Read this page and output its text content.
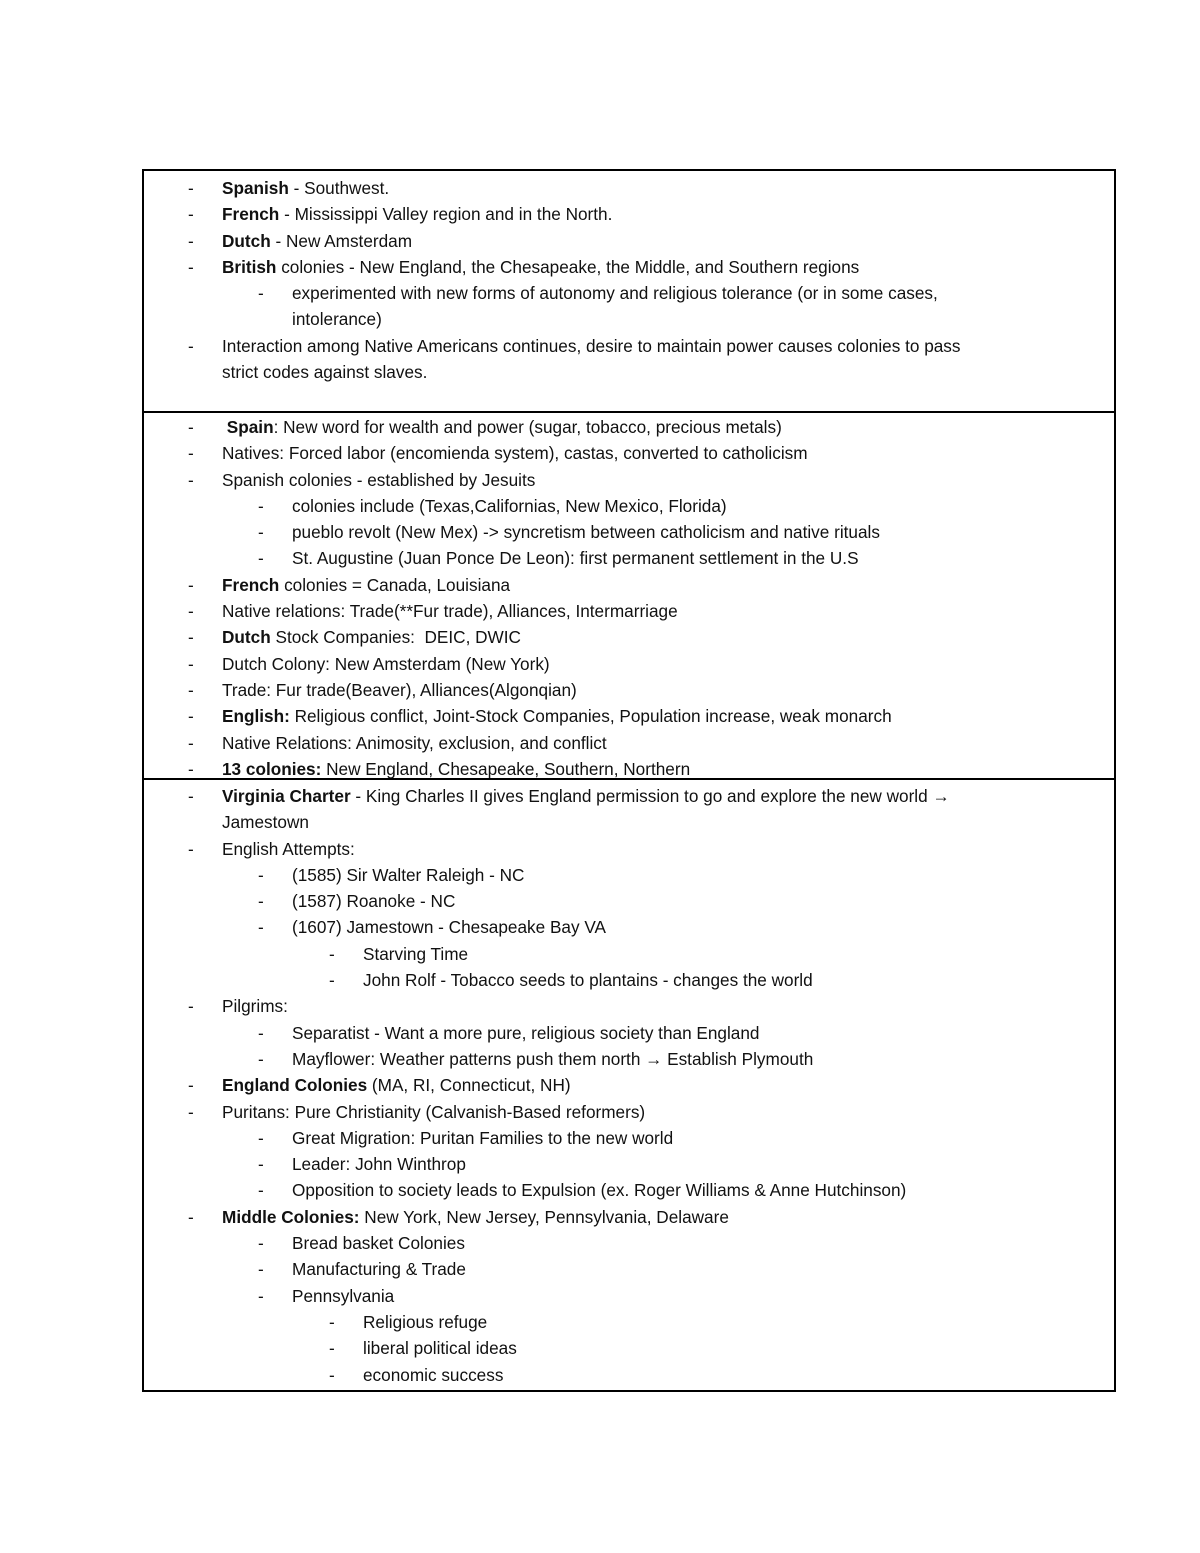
- Spanish - Southwest.
- French - Mississippi Valley region and in the North.
- Dutch - New Amsterdam
- British colonies - New England, the Chesapeake, the Middle, and Southern regions
- experimented with new forms of autonomy and religious tolerance (or in some cases,
intolerance)
- Interaction among Native Americans continues, desire to maintain power causes colonies to pass
strict codes against slaves.
- Spain: New word for wealth and power (sugar, tobacco, precious metals)
- Natives: Forced labor (encomienda system), castas, converted to catholicism
- Spanish colonies - established by Jesuits
- colonies include (Texas,Californias, New Mexico, Florida)
- pueblo revolt (New Mex) -> syncretism between catholicism and native rituals
- St. Augustine (Juan Ponce De Leon): first permanent settlement in the U.S
- French colonies = Canada, Louisiana
- Native relations: Trade(**Fur trade), Alliances, Intermarriage
- Dutch Stock Companies:  DEIC, DWIC
- Dutch Colony: New Amsterdam (New York)
- Trade: Fur trade(Beaver), Alliances(Algonqian)
- English: Religious conflict, Joint-Stock Companies, Population increase, weak monarch
- Native Relations: Animosity, exclusion, and conflict
- 13 colonies: New England, Chesapeake, Southern, Northern
- Virginia Charter - King Charles II gives England permission to go and explore the new world →
Jamestown
- English Attempts:
- (1585) Sir Walter Raleigh - NC
- (1587) Roanoke - NC
- (1607) Jamestown - Chesapeake Bay VA
- Starving Time
- John Rolf - Tobacco seeds to plantains - changes the world
- Pilgrims:
- Separatist - Want a more pure, religious society than England
- Mayflower: Weather patterns push them north → Establish Plymouth
- England Colonies (MA, RI, Connecticut, NH)
- Puritans: Pure Christianity (Calvanish-Based reformers)
- Great Migration: Puritan Families to the new world
- Leader: John Winthrop
- Opposition to society leads to Expulsion (ex. Roger Williams & Anne Hutchinson)
- Middle Colonies: New York, New Jersey, Pennsylvania, Delaware
- Bread basket Colonies
- Manufacturing & Trade
- Pennsylvania
- Religious refuge
- liberal political ideas
- economic success
